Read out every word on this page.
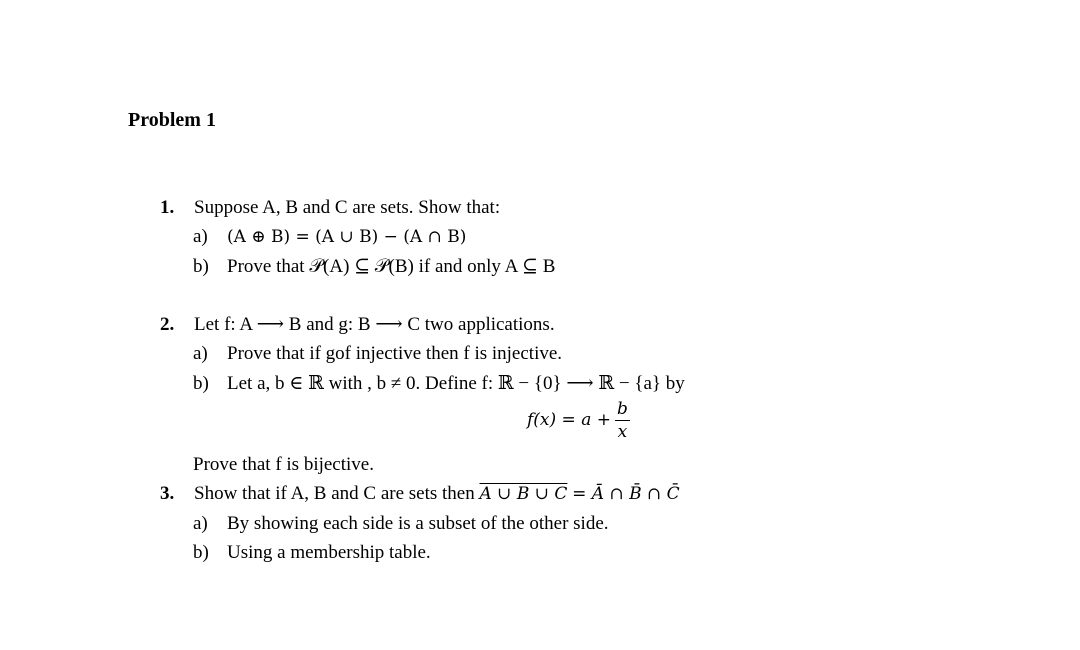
Problem 1
1. Suppose A, B and C are sets. Show that:
a) (A ⊕ B) = (A ∪ B) − (A ∩ B)
b) Prove that 𝒫(A) ⊆ 𝒫(B) if and only A ⊆ B
2. Let f: A ⟶ B and g: B ⟶ C two applications.
a) Prove that if gof injective then f is injective.
b) Let a, b ∈ ℝ with , b ≠ 0. Define f: ℝ − {0} ⟶ ℝ − {a} by
$f(x) = a + \frac{b}{x}$
Prove that f is bijective.
3. Show that if A, B and C are sets then A ∪ B ∪ C = Ā ∩ B̄ ∩ C̄
a) By showing each side is a subset of the other side.
b) Using a membership table.
